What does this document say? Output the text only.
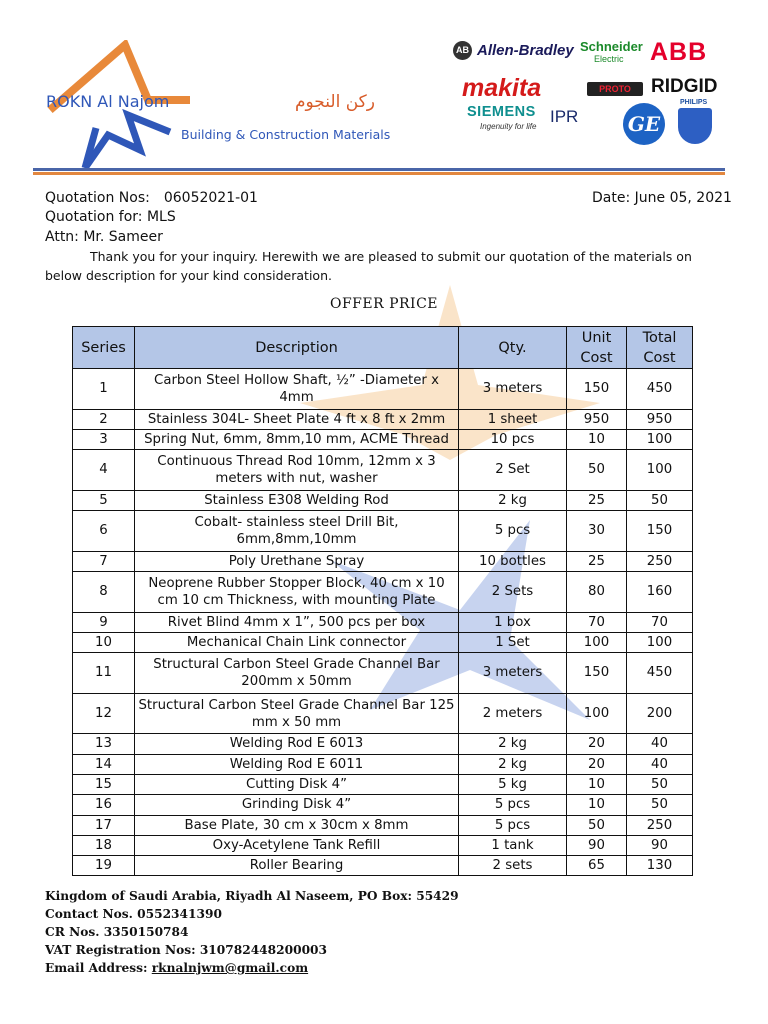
ROKN Al Najom	ركن النجوم
Building & Construction Materials
AB Allen-Bradley Schneider
Electric	ABB
makita	PROTO	RIDGID
SIEMENS
Ingenuity for life
IPR GE
PHILIPS
Quotation Nos: 06052021-01
Quotation for: MLS
Attn: Mr. Sameer
Date: June 05, 2021
Thank you for your inquiry. Herewith we are pleased to submit our quotation of the materials on below description for your kind consideration.
OFFER PRICE
Series	Description	Qty.	Unit Cost	Total Cost
1	Carbon Steel Hollow Shaft, ½” -Diameter x 4mm	3 meters	150	450
2	Stainless 304L- Sheet Plate 4 ft x 8 ft x 2mm	1 sheet	950	950
3	Spring Nut, 6mm, 8mm,10 mm, ACME Thread	10 pcs	10	100
4	Continuous Thread Rod 10mm, 12mm x 3 meters with nut, washer	2 Set	50	100
5	Stainless E308 Welding Rod	2 kg	25	50
6	Cobalt- stainless steel Drill Bit, 6mm,8mm,10mm	5 pcs	30	150
7	Poly Urethane Spray	10 bottles	25	250
8	Neoprene Rubber Stopper Block, 40 cm x 10 cm 10 cm Thickness, with mounting Plate	2 Sets	80	160
9	Rivet Blind 4mm x 1”, 500 pcs per box	1 box	70	70
10	Mechanical Chain Link connector	1 Set	100	100
11	Structural Carbon Steel Grade Channel Bar 200mm x 50mm	3 meters	150	450
12	Structural Carbon Steel Grade Channel Bar 125 mm x 50 mm	2 meters	100	200
13	Welding Rod E 6013	2 kg	20	40
14	Welding Rod E 6011	2 kg	20	40
15	Cutting Disk 4”	5 kg	10	50
16	Grinding Disk 4”	5 pcs	10	50
17	Base Plate, 30 cm x 30cm x 8mm	5 pcs	50	250
18	Oxy-Acetylene Tank Refill	1 tank	90	90
19	Roller Bearing	2 sets	65	130
Kingdom of Saudi Arabia, Riyadh Al Naseem, PO Box: 55429
Contact Nos. 0552341390
CR Nos. 3350150784
VAT Registration Nos: 310782448200003
Email Address: rknalnjwm@gmail.com
